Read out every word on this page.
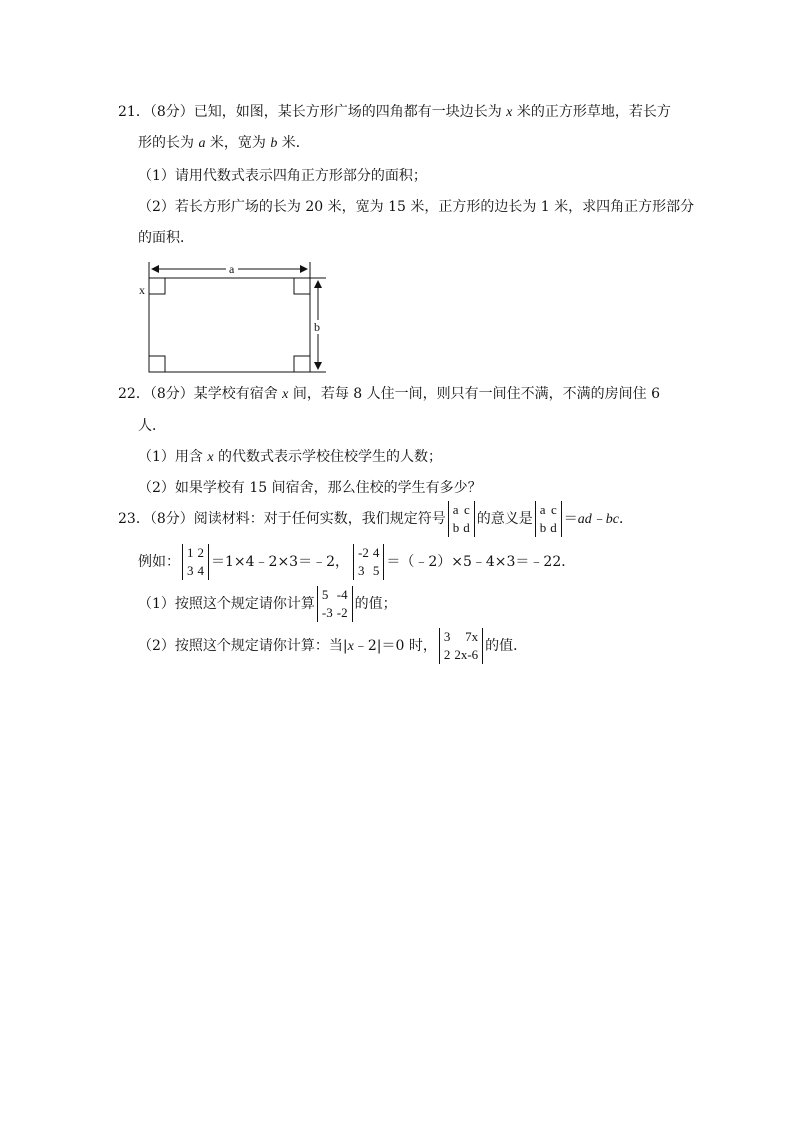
21．（8分）已知，如图，某长方形广场的四角都有一块边长为 x 米的正方形草地，若长方
形的长为 a 米，宽为 b 米．
（1）请用代数式表示四角正方形部分的面积；
（2）若长方形广场的长为 20 米，宽为 15 米，正方形的边长为 1 米，求四角正方形部分
的面积．
a
b
x
22．（8分）某学校有宿舍 x 间，若每 8 人住一间，则只有一间住不满，不满的房间住 6
人．
（1）用含 x 的代数式表示学校住校学生的人数；
（2）如果学校有 15 间宿舍，那么住校的学生有多少？
23．（8分）阅读材料：对于任何实数，我们规定符号
a c
b d
的意义是
a c
b d
＝ad﹣bc．
例如：
1 2
3 4
＝1×4﹣2×3＝﹣2，
-2 4
3 5
＝（﹣2）×5﹣4×3＝﹣22．
（1）按照这个规定请你计算
5 -4
-3 -2
的值；
（2）按照这个规定请你计算：当|x﹣2|＝0 时，
3 7x
2 2x-6
的值．
